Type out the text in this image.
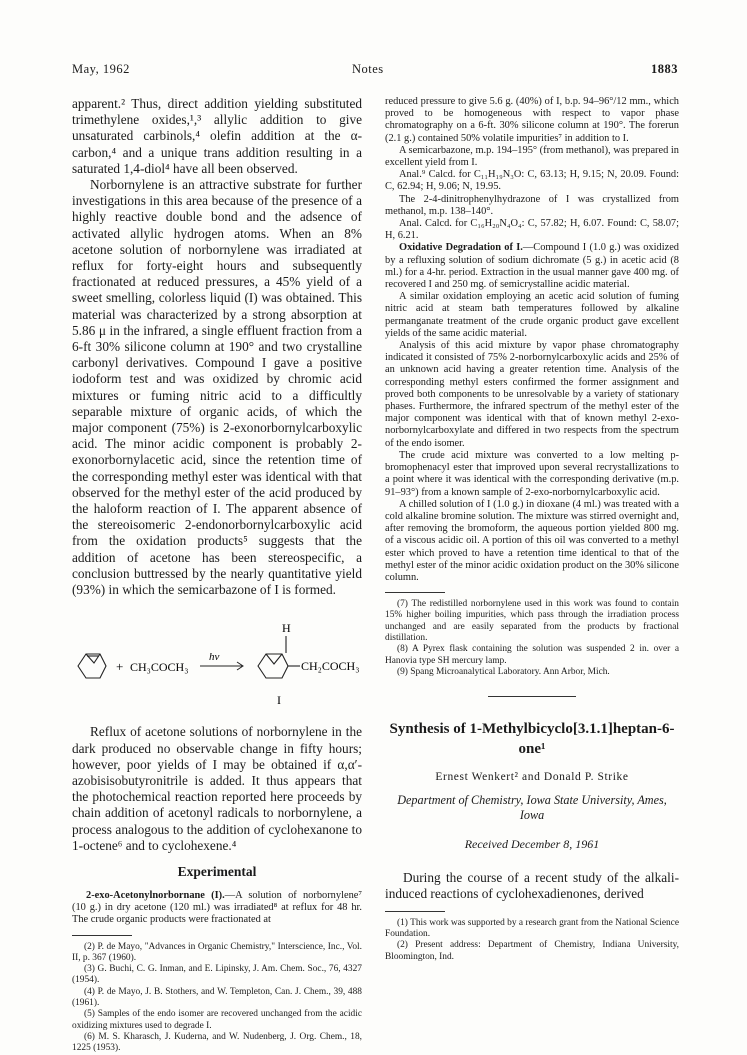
May, 1962	Notes	1883

apparent.² Thus, direct addition yielding substituted trimethylene oxides,¹,³ allylic addition to give unsaturated carbinols,⁴ olefin addition at the α-carbon,⁴ and a unique trans addition resulting in a saturated 1,4-diol⁴ have all been observed.

Norbornylene is an attractive substrate for further investigations in this area because of the presence of a highly reactive double bond and the adsence of activated allylic hydrogen atoms. When an 8% acetone solution of norbornylene was irradiated at reflux for forty-eight hours and subsequently fractionated at reduced pressures, a 45% yield of a sweet smelling, colorless liquid (I) was obtained. This material was characterized by a strong absorption at 5.86 μ in the infrared, a single effluent fraction from a 6-ft 30% silicone column at 190° and two crystalline carbonyl derivatives. Compound I gave a positive iodoform test and was oxidized by chromic acid mixtures or fuming nitric acid to a difficultly separable mixture of organic acids, of which the major component (75%) is 2-exonorbornylcarboxylic acid. The minor acidic component is probably 2-exonorbornylacetic acid, since the retention time of the corresponding methyl ester was identical with that observed for the methyl ester of the acid produced by the haloform reaction of I. The apparent absence of the stereoisomeric 2-endonorbornylcarboxylic acid from the oxidation products⁵ suggests that the addition of acetone has been stereospecific, a conclusion buttressed by the nearly quantitative yield (93%) in which the semicarbazone of I is formed.

+ CH₃COCH₃
hν
H
CH₂COCH₃
I

Reflux of acetone solutions of norbornylene in the dark produced no observable change in fifty hours; however, poor yields of I may be obtained if α,α′-azobisisobutyronitrile is added. It thus appears that the photochemical reaction reported here proceeds by chain addition of acetonyl radicals to norbornylene, a process analogous to the addition of cyclohexanone to 1-octene⁶ and to cyclohexene.⁴

Experimental

2-exo-Acetonylnorbornane (I).—A solution of norbornylene⁷ (10 g.) in dry acetone (120 ml.) was irradiated⁸ at reflux for 48 hr. The crude organic products were fractionated at

(2) P. de Mayo, "Advances in Organic Chemistry," Interscience, Inc., Vol. II, p. 367 (1960).

(3) G. Buchi, C. G. Inman, and E. Lipinsky, J. Am. Chem. Soc., 76, 4327 (1954).

(4) P. de Mayo, J. B. Stothers, and W. Templeton, Can. J. Chem., 39, 488 (1961).

(5) Samples of the endo isomer are recovered unchanged from the acidic oxidizing mixtures used to degrade I.

(6) M. S. Kharasch, J. Kuderna, and W. Nudenberg, J. Org. Chem., 18, 1225 (1953).

reduced pressure to give 5.6 g. (40%) of I, b.p. 94–96°/12 mm., which proved to be homogeneous with respect to vapor phase chromatography on a 6-ft. 30% silicone column at 190°. The forerun (2.1 g.) contained 50% volatile impurities⁷ in addition to I.

A semicarbazone, m.p. 194–195° (from methanol), was prepared in excellent yield from I.

Anal.⁹ Calcd. for C₁₁H₁₉N₃O: C, 63.13; H, 9.15; N, 20.09. Found: C, 62.94; H, 9.06; N, 19.95.

The 2-4-dinitrophenylhydrazone of I was crystallized from methanol, m.p. 138–140°.

Anal. Calcd. for C₁₆H₂₀N₄O₄: C, 57.82; H, 6.07. Found: C, 58.07; H, 6.21.

Oxidative Degradation of I.—Compound I (1.0 g.) was oxidized by a refluxing solution of sodium dichromate (5 g.) in acetic acid (8 ml.) for a 4-hr. period. Extraction in the usual manner gave 400 mg. of recovered I and 250 mg. of semicrystalline acidic material.

A similar oxidation employing an acetic acid solution of fuming nitric acid at steam bath temperatures followed by alkaline permanganate treatment of the crude organic product gave excellent yields of the same acidic material.

Analysis of this acid mixture by vapor phase chromatography indicated it consisted of 75% 2-norbornylcarboxylic acids and 25% of an unknown acid having a greater retention time. Analysis of the corresponding methyl esters confirmed the former assignment and proved both components to be unresolvable by a variety of stationary phases. Furthermore, the infrared spectrum of the methyl ester of the major component was identical with that of known methyl 2-exo-norbornylcarboxylate and differed in two respects from the spectrum of the endo isomer.

The crude acid mixture was converted to a low melting p-bromophenacyl ester that improved upon several recrystallizations to a point where it was identical with the corresponding derivative (m.p. 91–93°) from a known sample of 2-exo-norbornylcarboxylic acid.

A chilled solution of I (1.0 g.) in dioxane (4 ml.) was treated with a cold alkaline bromine solution. The mixture was stirred overnight and, after removing the bromoform, the aqueous portion yielded 800 mg. of a viscous acidic oil. A portion of this oil was converted to a methyl ester which proved to have a retention time identical to that of the methyl ester of the minor acidic oxidation product on the 30% silicone column.

(7) The redistilled norbornylene used in this work was found to contain 15% higher boiling impurities, which pass through the irradiation process unchanged and are easily separated from the products by fractional distillation.

(8) A Pyrex flask containing the solution was suspended 2 in. over a Hanovia type SH mercury lamp.

(9) Spang Microanalytical Laboratory. Ann Arbor, Mich.

Synthesis of 1-Methylbicyclo[3.1.1]heptan-6-one¹
Ernest Wenkert² and Donald P. Strike
Department of Chemistry, Iowa State University, Ames, Iowa
Received December 8, 1961

During the course of a recent study of the alkali-induced reactions of cyclohexadienones, derived

(1) This work was supported by a research grant from the National Science Foundation.

(2) Present address: Department of Chemistry, Indiana University, Bloomington, Ind.
